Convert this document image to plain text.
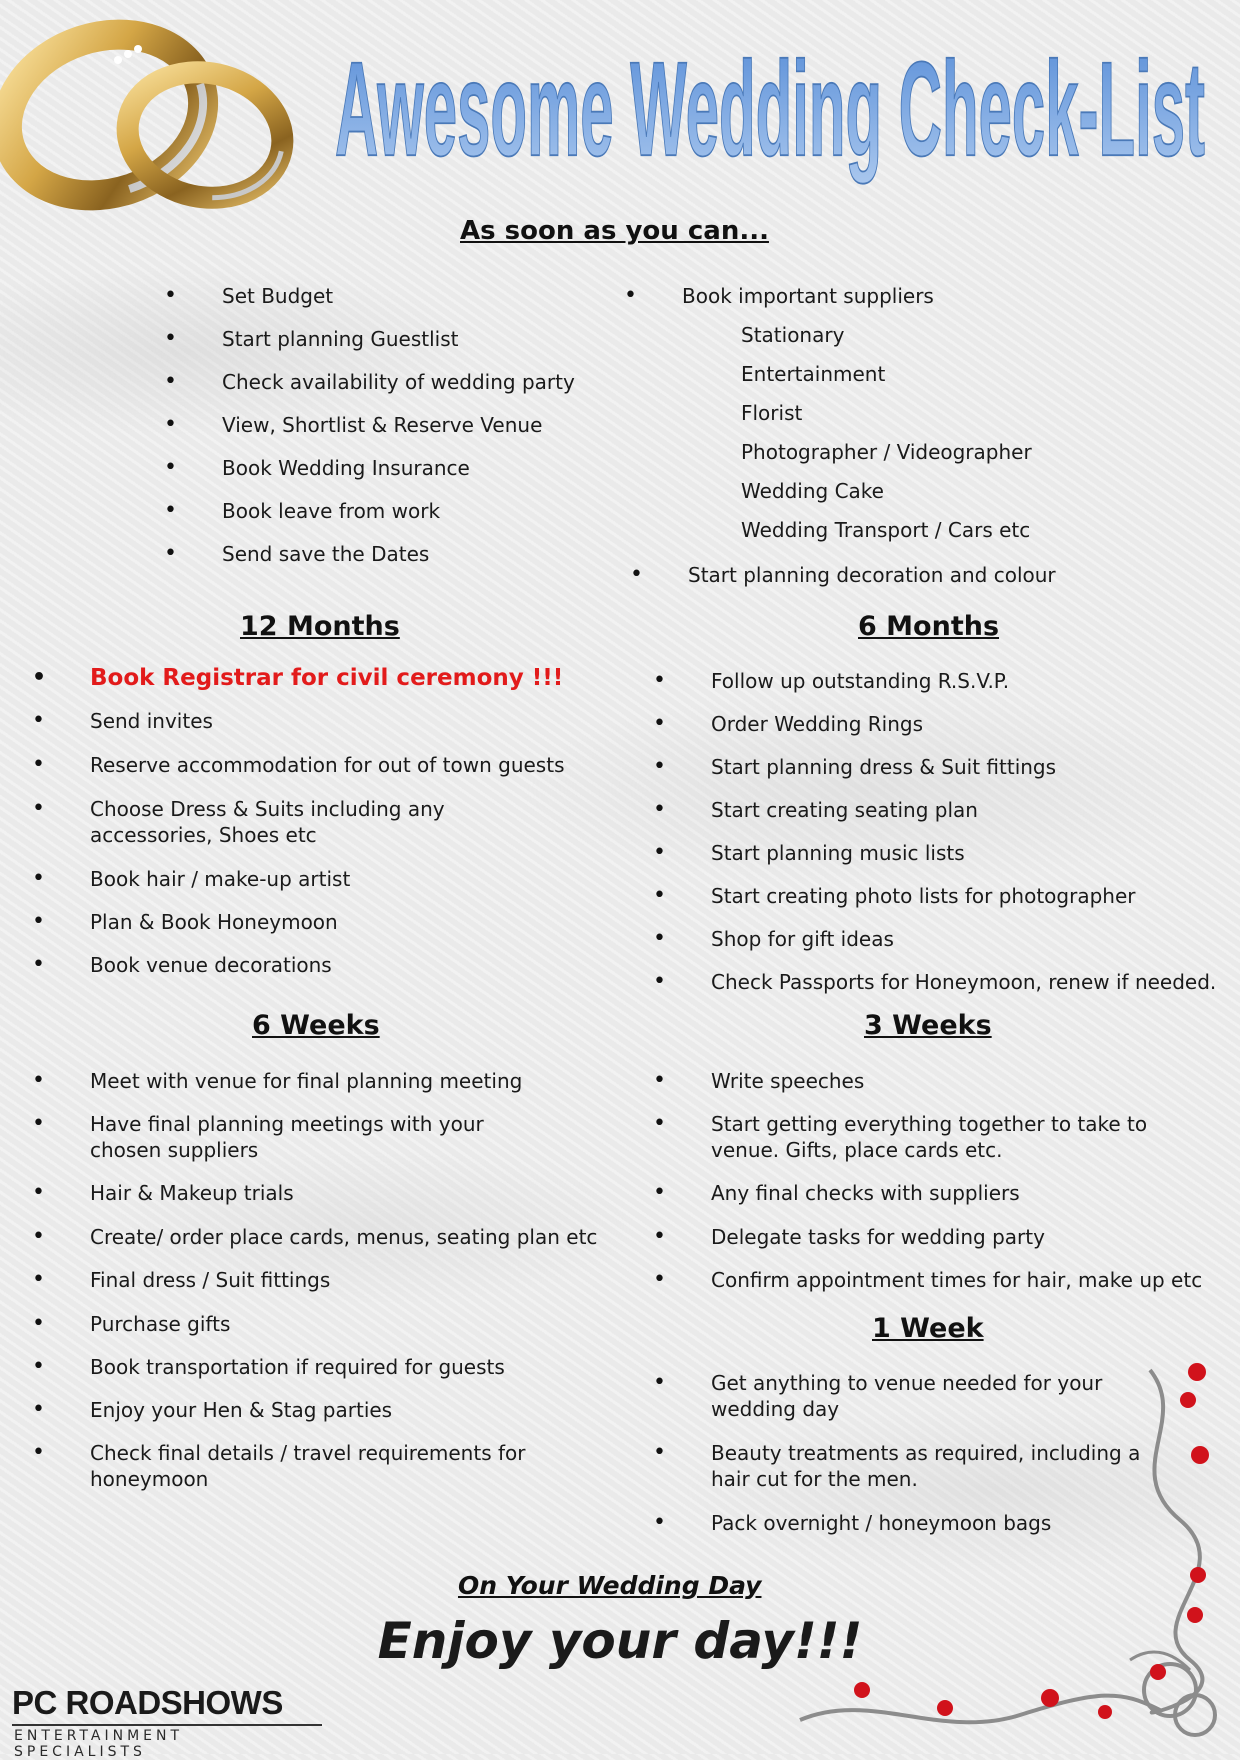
Awesome Wedding Check-List
As soon as you can...
• Set Budget
• Start planning Guestlist
• Check availability of wedding party
• View, Shortlist & Reserve Venue
• Book Wedding Insurance
• Book leave from work
• Send save the Dates
• Book important suppliers
Stationary
Entertainment
Florist
Photographer / Videographer
Wedding Cake
Wedding Transport / Cars etc
• Start planning decoration and colour
12 Months
• Book Registrar for civil ceremony !!!
• Send invites
• Reserve accommodation for out of town guests
• Choose Dress & Suits including any accessories, Shoes etc
• Book hair / make-up artist
• Plan & Book Honeymoon
• Book venue decorations
6 Months
• Follow up outstanding R.S.V.P.
• Order Wedding Rings
• Start planning dress & Suit fittings
• Start creating seating plan
• Start planning music lists
• Start creating photo lists for photographer
• Shop for gift ideas
• Check Passports for Honeymoon, renew if needed.
6 Weeks
• Meet with venue for final planning meeting
• Have final planning meetings with your chosen suppliers
• Hair & Makeup trials
• Create/ order place cards, menus, seating plan etc
• Final dress / Suit fittings
• Purchase gifts
• Book transportation if required for guests
• Enjoy your Hen & Stag parties
• Check final details / travel requirements for honeymoon
3 Weeks
• Write speeches
• Start getting everything together to take to venue. Gifts, place cards etc.
• Any final checks with suppliers
• Delegate tasks for wedding party
• Confirm appointment times for hair, make up etc
1 Week
• Get anything to venue needed for your wedding day
• Beauty treatments as required, including a hair cut for the men.
• Pack overnight / honeymoon bags
On Your Wedding Day
Enjoy your day!!!
PC ROADSHOWS
ENTERTAINMENT SPECIALISTS
